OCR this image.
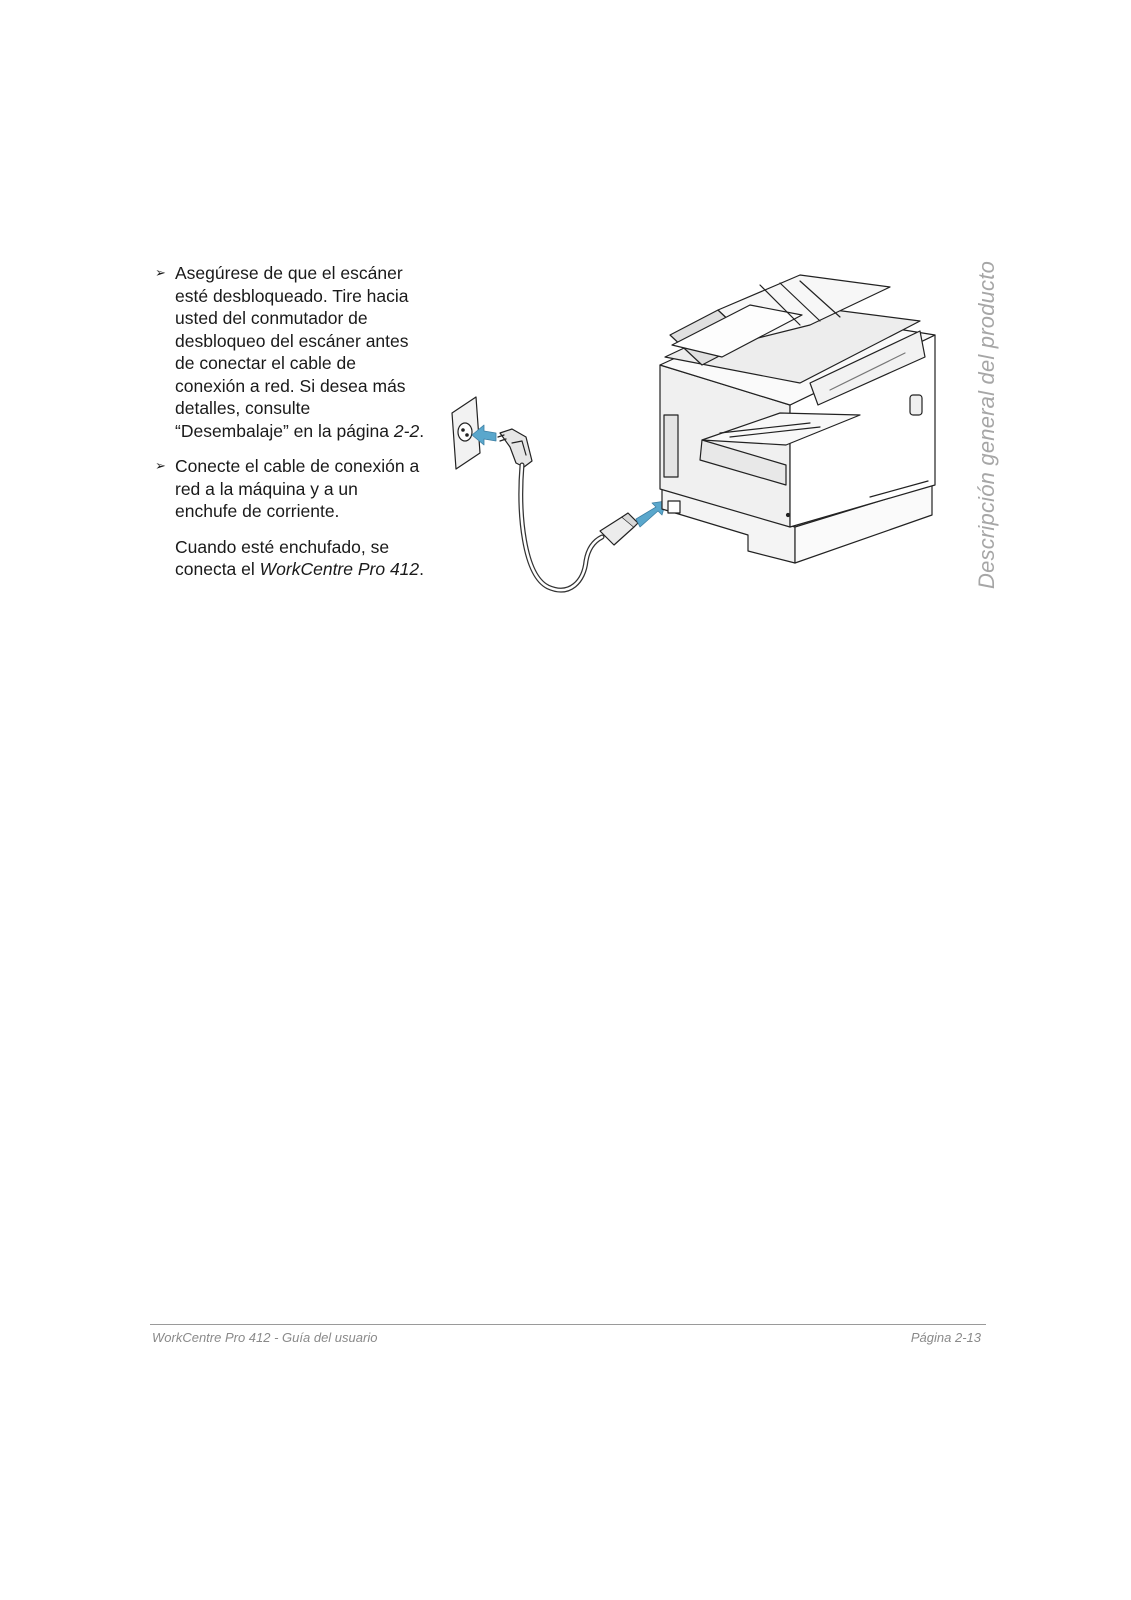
➢ Asegúrese de que el escáner esté desbloqueado. Tire hacia usted del conmutador de desbloqueo del escáner antes de conectar el cable de conexión a red. Si desea más detalles, consulte “Desembalaje” en la página 2-2.
➢ Conecte el cable de conexión a red a la máquina y a un enchufe de corriente.
Cuando esté enchufado, se conecta el WorkCentre Pro 412.	Descripción general del producto
WorkCentre Pro 412 - Guía del usuario	Página 2-13
